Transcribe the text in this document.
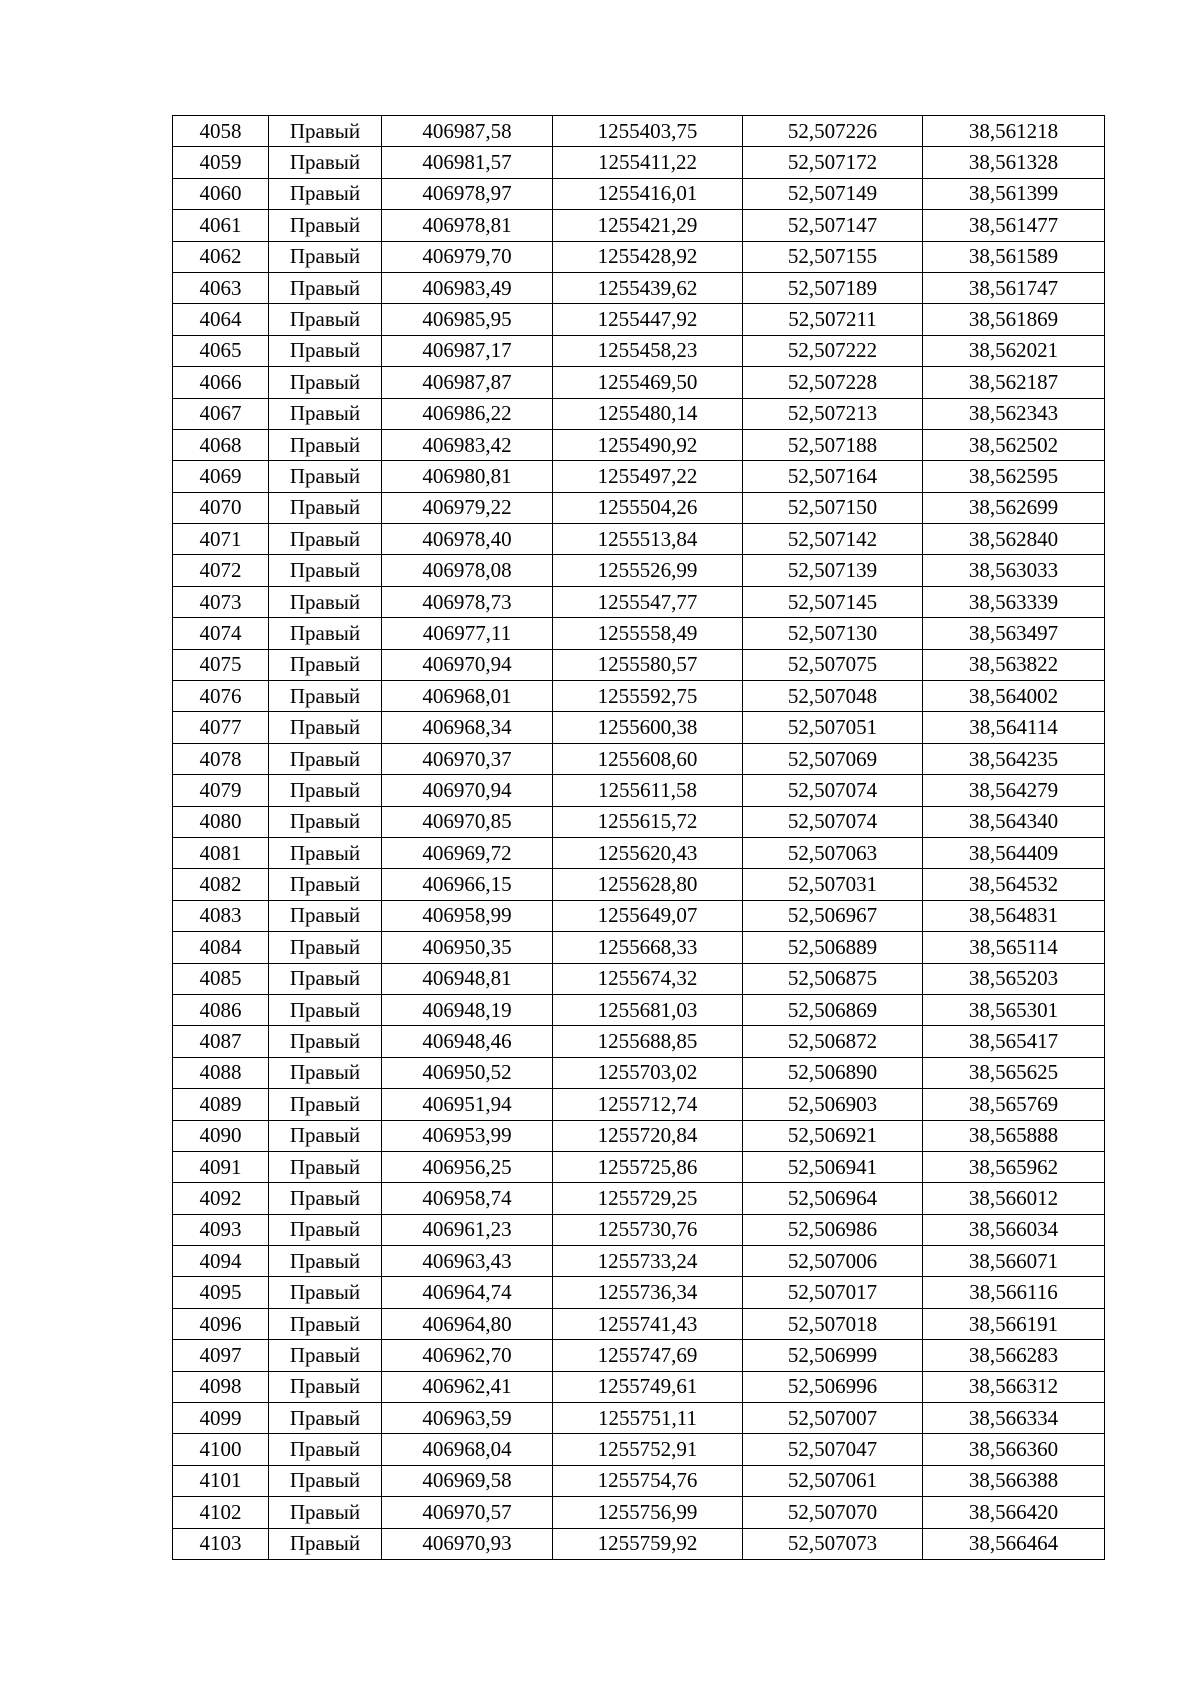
4058	Правый	406987,58	1255403,75	52,507226	38,561218
4059	Правый	406981,57	1255411,22	52,507172	38,561328
4060	Правый	406978,97	1255416,01	52,507149	38,561399
4061	Правый	406978,81	1255421,29	52,507147	38,561477
4062	Правый	406979,70	1255428,92	52,507155	38,561589
4063	Правый	406983,49	1255439,62	52,507189	38,561747
4064	Правый	406985,95	1255447,92	52,507211	38,561869
4065	Правый	406987,17	1255458,23	52,507222	38,562021
4066	Правый	406987,87	1255469,50	52,507228	38,562187
4067	Правый	406986,22	1255480,14	52,507213	38,562343
4068	Правый	406983,42	1255490,92	52,507188	38,562502
4069	Правый	406980,81	1255497,22	52,507164	38,562595
4070	Правый	406979,22	1255504,26	52,507150	38,562699
4071	Правый	406978,40	1255513,84	52,507142	38,562840
4072	Правый	406978,08	1255526,99	52,507139	38,563033
4073	Правый	406978,73	1255547,77	52,507145	38,563339
4074	Правый	406977,11	1255558,49	52,507130	38,563497
4075	Правый	406970,94	1255580,57	52,507075	38,563822
4076	Правый	406968,01	1255592,75	52,507048	38,564002
4077	Правый	406968,34	1255600,38	52,507051	38,564114
4078	Правый	406970,37	1255608,60	52,507069	38,564235
4079	Правый	406970,94	1255611,58	52,507074	38,564279
4080	Правый	406970,85	1255615,72	52,507074	38,564340
4081	Правый	406969,72	1255620,43	52,507063	38,564409
4082	Правый	406966,15	1255628,80	52,507031	38,564532
4083	Правый	406958,99	1255649,07	52,506967	38,564831
4084	Правый	406950,35	1255668,33	52,506889	38,565114
4085	Правый	406948,81	1255674,32	52,506875	38,565203
4086	Правый	406948,19	1255681,03	52,506869	38,565301
4087	Правый	406948,46	1255688,85	52,506872	38,565417
4088	Правый	406950,52	1255703,02	52,506890	38,565625
4089	Правый	406951,94	1255712,74	52,506903	38,565769
4090	Правый	406953,99	1255720,84	52,506921	38,565888
4091	Правый	406956,25	1255725,86	52,506941	38,565962
4092	Правый	406958,74	1255729,25	52,506964	38,566012
4093	Правый	406961,23	1255730,76	52,506986	38,566034
4094	Правый	406963,43	1255733,24	52,507006	38,566071
4095	Правый	406964,74	1255736,34	52,507017	38,566116
4096	Правый	406964,80	1255741,43	52,507018	38,566191
4097	Правый	406962,70	1255747,69	52,506999	38,566283
4098	Правый	406962,41	1255749,61	52,506996	38,566312
4099	Правый	406963,59	1255751,11	52,507007	38,566334
4100	Правый	406968,04	1255752,91	52,507047	38,566360
4101	Правый	406969,58	1255754,76	52,507061	38,566388
4102	Правый	406970,57	1255756,99	52,507070	38,566420
4103	Правый	406970,93	1255759,92	52,507073	38,566464
